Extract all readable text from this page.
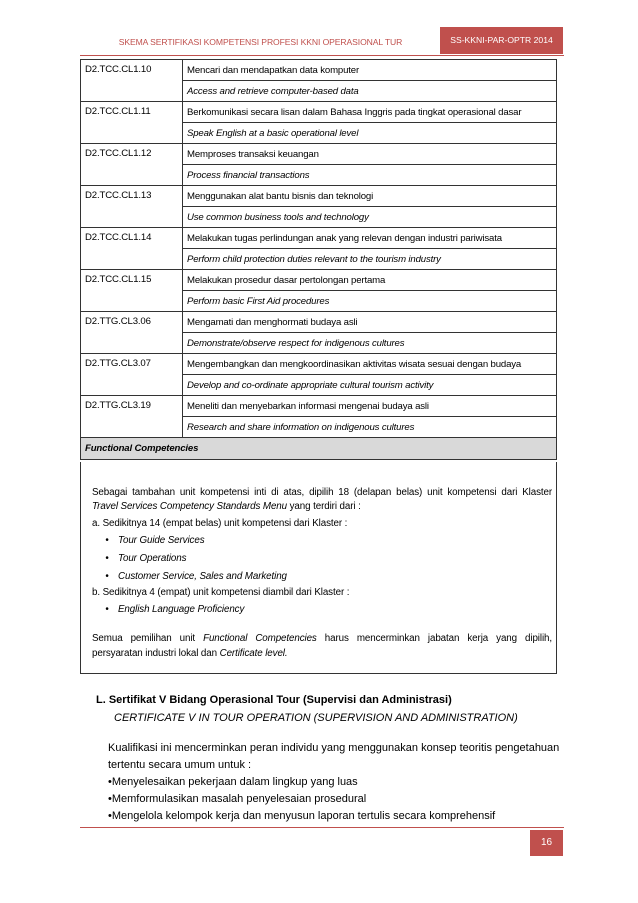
SKEMA SERTIFIKASI KOMPETENSI PROFESI KKNI OPERASIONAL TUR	SS-KKNI-PAR-OPTR 2014
D2.TCC.CL1.10	Mencari dan mendapatkan data komputer
	Access and retrieve computer-based data
D2.TCC.CL1.11	Berkomunikasi secara lisan dalam Bahasa Inggris pada tingkat operasional dasar
	Speak English at a basic operational level
D2.TCC.CL1.12	Memproses transaksi keuangan
	Process financial transactions
D2.TCC.CL1.13	Menggunakan alat bantu bisnis dan teknologi
	Use common business tools and technology
D2.TCC.CL1.14	Melakukan tugas perlindungan anak yang relevan dengan industri pariwisata
	Perform child protection duties relevant to the tourism industry
D2.TCC.CL1.15	Melakukan prosedur dasar pertolongan pertama
	Perform basic First Aid procedures
D2.TTG.CL3.06	Mengamati dan menghormati budaya asli
	Demonstrate/observe respect for indigenous cultures
D2.TTG.CL3.07	Mengembangkan dan mengkoordinasikan aktivitas wisata sesuai dengan budaya
	Develop and co-ordinate appropriate cultural tourism activity
D2.TTG.CL3.19	Meneliti dan menyebarkan informasi mengenai budaya asli
	Research and share information on indigenous cultures
Functional Competencies	
Sebagai tambahan unit kompetensi inti di atas, dipilih 18 (delapan belas) unit kompetensi dari Klaster
Travel Services Competency Standards Menu yang terdiri dari :
a. Sedikitnya 14 (empat belas) unit kompetensi dari Klaster :
• Tour Guide Services
• Tour Operations
• Customer Service, Sales and Marketing
b. Sedikitnya 4 (empat) unit kompetensi diambil dari Klaster :
• English Language Proficiency
Semua pemilihan unit Functional Competencies harus mencerminkan jabatan kerja yang dipilih,
persyaratan industri lokal dan Certificate level.
L. Sertifikat V Bidang Operasional Tour (Supervisi dan Administrasi)
CERTIFICATE V IN TOUR OPERATION (SUPERVISION AND ADMINISTRATION)
Kualifikasi ini mencerminkan peran individu yang menggunakan konsep teoritis pengetahuan
tertentu secara umum untuk :
•Menyelesaikan pekerjaan dalam lingkup yang luas
•Memformulasikan masalah penyelesaian prosedural
•Mengelola kelompok kerja dan menyusun laporan tertulis secara komprehensif
16
